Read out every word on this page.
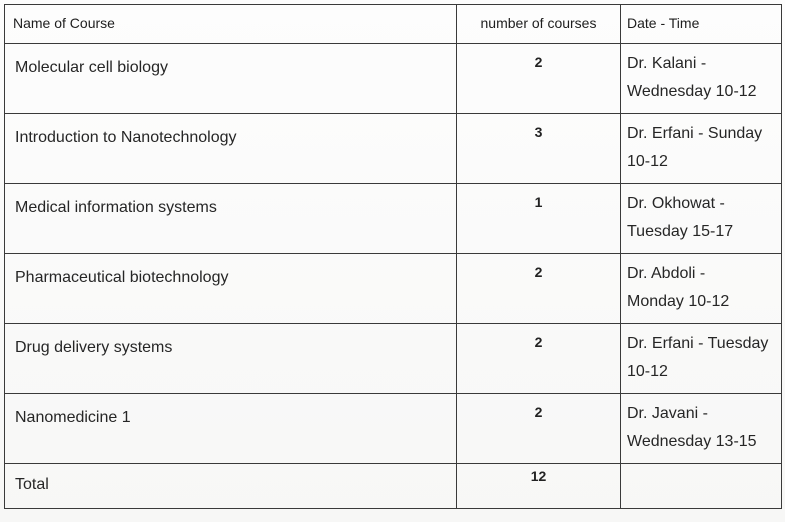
Name of Course	number of courses	Date - Time
Molecular cell biology	2	Dr. Kalani -
Wednesday 10-12

Introduction to Nanotechnology	3	Dr. Erfani - Sunday
10-12

Medical information systems	1	Dr. Okhowat -
Tuesday 15-17

Pharmaceutical biotechnology	2	Dr. Abdoli -
Monday 10-12

Drug delivery systems	2	Dr. Erfani - Tuesday
10-12

Nanomedicine 1	2	Dr. Javani -
Wednesday 13-15

Total	12	
